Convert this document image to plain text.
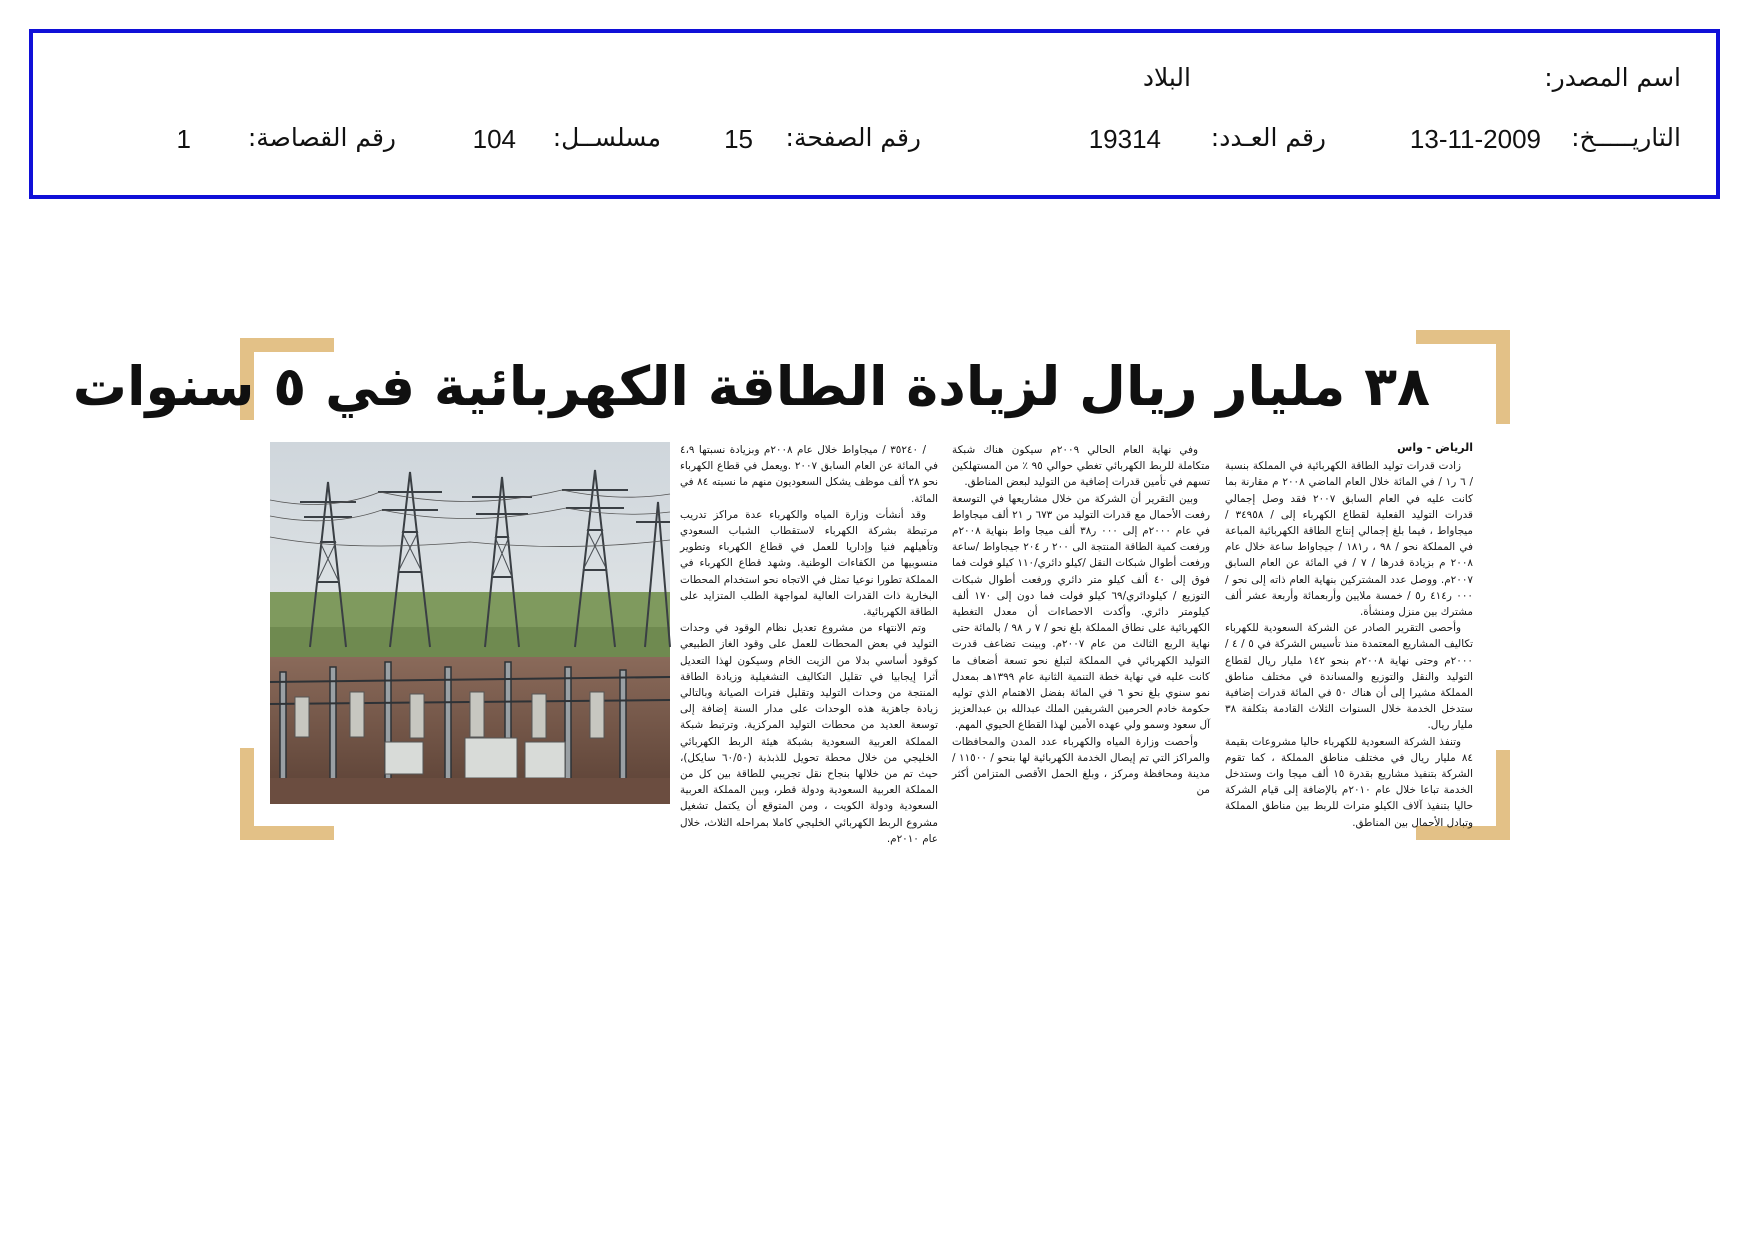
اسم المصدر:
البلاد
التاريـــــخ:
13-11-2009
رقم العـدد:
19314
رقم الصفحة:
15
مسلســل:
104
رقم القصاصة:
1
٣٨ مليار ريال لزيادة الطاقة الكهربائية في ٥ سنوات
الرياض - واس

زادت قدرات توليد الطاقة الكهربائية في المملكة بنسبة / ٦ ر١ / في المائة خلال العام الماضي ٢٠٠٨ م مقارنة بما كانت عليه في العام السابق ٢٠٠٧ فقد وصل إجمالي قدرات التوليد الفعلية لقطاع الكهرباء إلى / ٣٤٩٥٨ / ميجاواط ، فيما بلغ إجمالي إنتاج الطاقة الكهربائية المباعة في المملكة نحو / ٩٨ ، ر١٨١ / جيجاواط ساعة خلال عام ٢٠٠٨ م بزيادة قدرها / ٧ / في المائة عن العام السابق ٢٠٠٧م. ووصل عدد المشتركين بنهاية العام ذاته إلى نحو / ٠٠٠ ر٤١٤ ر٥ / خمسة ملايين وأربعمائة وأربعة عشر ألف مشترك بين منزل ومنشأة.

وأحصى التقرير الصادر عن الشركة السعودية للكهرباء تكاليف المشاريع المعتمدة منذ تأسيس الشركة في ٥ / ٤ / ٢٠٠٠م وحتى نهاية ٢٠٠٨م بنحو ١٤٢ مليار ريال لقطاع التوليد والنقل والتوزيع والمساندة في مختلف مناطق المملكة مشيرا إلى أن هناك ٥٠ في المائة قدرات إضافية ستدخل الخدمة خلال السنوات الثلاث القادمة بتكلفة ٣٨ مليار ريال.

وتنفذ الشركة السعودية للكهرباء حاليا مشروعات بقيمة ٨٤ مليار ريال في مختلف مناطق المملكة ، كما تقوم الشركة بتنفيذ مشاريع بقدرة ١٥ ألف ميجا وات وستدخل الخدمة تباعا خلال عام ٢٠١٠م بالإضافة إلى قيام الشركة حاليا بتنفيذ آلاف الكيلو مترات للربط بين مناطق المملكة وتبادل الأحمال بين المناطق.

وفي نهاية العام الحالي ٢٠٠٩م سيكون هناك شبكة متكاملة للربط الكهربائي تغطي حوالي ٩٥ ٪ من المستهلكين تسهم في تأمين قدرات إضافية من التوليد لبعض المناطق.

وبين التقرير أن الشركة من خلال مشاريعها في التوسعة رفعت الأحمال مع قدرات التوليد من ٦٧٣ ر ٢١ ألف ميجاواط في عام ٢٠٠٠م إلى ٠٠٠ ر٣٨ ألف ميجا واط بنهاية ٢٠٠٨م ورفعت كمية الطاقة المنتجة الى ٢٠٠ ر ٢٠٤ جيجاواط /ساعة ورفعت أطوال شبكات النقل /كيلو دائري/١١٠ كيلو فولت فما فوق إلى ٤٠ ألف كيلو متر دائري ورفعت أطوال شبكات التوزيع / كيلودائري/٦٩ كيلو فولت فما دون إلى ١٧٠ ألف كيلومتر دائري. وأكدت الاحصاءات أن معدل التغطية الكهربائية على نطاق المملكة بلغ نحو / ٧ ر ٩٨ / بالمائة حتى نهاية الربع الثالث من عام ٢٠٠٧م. وبينت تضاعف قدرت التوليد الكهربائي في المملكة لتبلغ نحو تسعة أضعاف ما كانت عليه في نهاية خطة التنمية الثانية عام ١٣٩٩هـ بمعدل نمو سنوي بلغ نحو ٦ في المائة بفضل الاهتمام الذي توليه حكومة خادم الحرمين الشريفين الملك عبدالله بن عبدالعزيز آل سعود وسمو ولي عهده الأمين لهذا القطاع الحيوي المهم.

وأحصت وزارة المياه والكهرباء عدد المدن والمحافظات والمراكز التي تم إيصال الخدمة الكهربائية لها بنحو / ١١٥٠٠ / مدينة ومحافظة ومركز ، وبلغ الحمل الأقصى المتزامن أكثر من

/ ٣٥٢٤٠ / ميجاواط خلال عام ٢٠٠٨م وبزيادة نسبتها ٤،٩ في المائة عن العام السابق ٢٠٠٧ .ويعمل في قطاع الكهرباء نحو ٢٨ ألف موظف يشكل السعوديون منهم ما نسبته ٨٤ في المائة.

وقد أنشأت وزارة المياه والكهرباء عدة مراكز تدريب مرتبطة بشركة الكهرباء لاستقطاب الشباب السعودي وتأهيلهم فنيا وإداريا للعمل في قطاع الكهرباء وتطوير منسوبيها من الكفاءات الوطنية. وشهد قطاع الكهرباء في المملكة تطورا نوعيا تمثل في الاتجاه نحو استخدام المحطات البخارية ذات القدرات العالية لمواجهة الطلب المتزايد على الطاقة الكهربائية.

وتم الانتهاء من مشروع تعديل نظام الوقود في وحدات التوليد في بعض المحطات للعمل على وقود الغاز الطبيعي كوقود أساسي بدلا من الزيت الخام وسيكون لهذا التعديل أثرا إيجابيا في تقليل التكاليف التشغيلية وزيادة الطاقة المنتجة من وحدات التوليد وتقليل فترات الصيانة وبالتالي زيادة جاهزية هذه الوحدات على مدار السنة إضافة إلى توسعة العديد من محطات التوليد المركزية. وترتبط شبكة المملكة العربية السعودية بشبكة هيئة الربط الكهربائي الخليجي من خلال محطة تحويل للذبذبة (٦٠/٥٠ سايكل)، حيث تم من خلالها بنجاح نقل تجريبي للطاقة بين كل من المملكة العربية السعودية ودولة قطر، وبين المملكة العربية السعودية ودولة الكويت ، ومن المتوقع أن يكتمل تشغيل مشروع الربط الكهربائي الخليجي كاملا بمراحله الثلاث، خلال عام ٢٠١٠م.
